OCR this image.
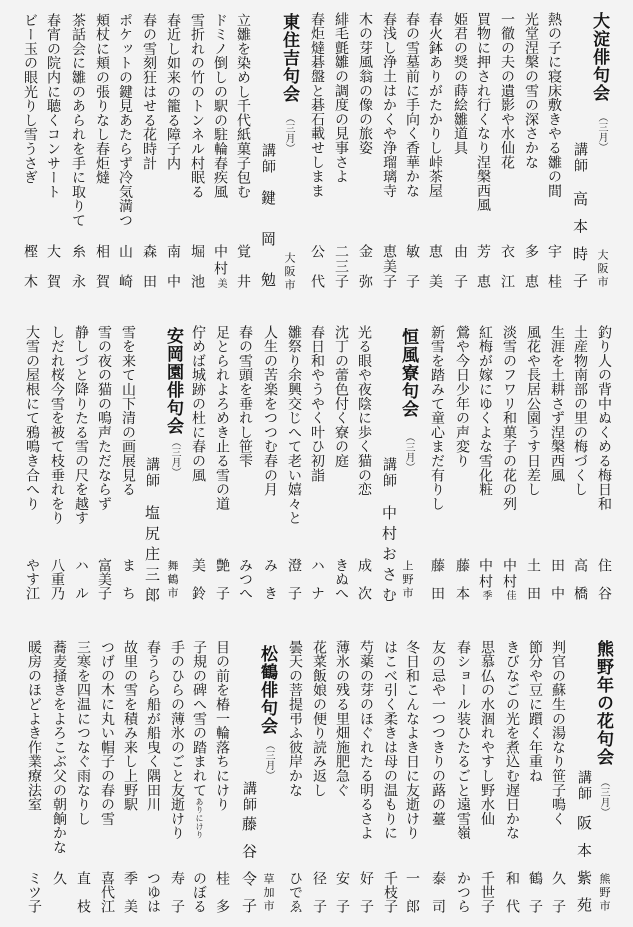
大淀俳句会
（三月）
講師
高本時子 大阪市
熱の子に寝床敷きやる雛の間
宇桂
光堂涅槃の雪の深さかな
多恵
一徹の夫の遺影や水仙花
衣江
買物に押され行くなり涅槃西風
芳恵
姫君の奨の蒔絵雛道具
由子
春火鉢ありがたかりし峠茶屋
恵美
春の雪墓前に手向く香華かな
敏子
春浅し浄土はかくや浄瑠璃寺
恵美子
木の芽風翁の像の旅姿
金弥
緋毛氈雛の調度の見事さよ
二三子
春炬燵碁盤と碁石載せしまま
公代
東住吉句会
（三月）
講師
鍵岡勉 大阪市
立雛を染めし千代紙菓子包む
覚井
ドミノ倒しの駅の駐輪春疾風
中村美
雪折れの竹のトンネル村眠る
堀池
春近し如来の籠る障子内
南中
春の雪刻狂はせる花時計
森田
ポケットの鍵見あたらず冷気満つ
山崎
頬杖に頬の張りなし春炬燵
相賀
茶話会に雛のあられを手に取りて
糸永
春宵の院内に聴くコンサート
大賀
ビー玉の眼光りし雪うさぎ
樫木
釣り人の背中ぬくめる梅日和
住谷
土産物南部の里の梅づくし
高橋
生涯を土耕さず涅槃西風
田中
風花や長居公園うす日差し
土田
淡雪のフワリ和菓子の花の列
中村佳
紅梅が嫁にゆくよな雪化粧
中村季
鶯や今日少年の声変り
藤本
新雪を踏みて童心まだ有りし
藤田
恒風寮句会
（三月）
講師
中村おさむ 上野市
光る眼や夜陰に歩く猫の恋
成次
沈丁の蕾色付く寮の庭
きぬへ
春日和やうやく叶ひ初詣
ハナ
雛祭り余興交じへて老い嬉々と
澄子
人生の苦楽をつつむ春の月
みき
春の雪頭を垂れし笹雫
みつへ
足とられよろめき止る雪の道
艶子
佇めば城跡の杜に春の風
美鈴
安岡園俳句会
（三月）
講師
塩尻庄三郎 舞鶴市
雪を来て山下清の画展見る
まち
雪の夜の猫の鳴声ただならず
富美子
静しづと降りたる雪の尺を越す
ハル
しだれ桜今雪を被て枝垂れをり
八重乃
大雪の屋根にて鴉鳴き合へり
やす江
熊野年の花句会
（三月）
講師
阪本紫苑 熊野市
判官の蘇生の湯なり笹子鳴く
久子
節分や豆に躓く年重ね
鶴子
きびなごの光を煮込む遅日かな
和代
思慕仏の水涸れやすし野水仙
千世子
春ショール装ひたるごと遠雪嶺
かつら
友の忌や一つつきりの蕗の薹
泰司
冬日和こんなよき日に友逝けり
一郎
はこべ引く柔きは母の温もりに
千枝子
芍薬の芽のほぐれたる明るさよ
好子
薄氷の残る里畑施肥急ぐ
安子
花菜飯娘の便り読み返し
径子
曇天の菩提弔ふ彼岸かな
ひでゑ
松鶴俳句会
（三月）
講師
藤谷令子 草加市
目の前を椿一輪落ちにけり
桂多
子規の碑へ雪の踏まれてありにけり
のぼる
手のひらの薄氷のごと友逝けり
寿子
春うらら船が船曳く隅田川
つゆは
故里の雪を積み来し上野駅
季美
つげの木に丸い帽子の春の雪
喜代江
三寒を四温につなぐ雨なりし
直枝
蕎麦掻きをよろこぶ父の朝餉かな
久
暖房のほどよき作業療法室
ミツ子
